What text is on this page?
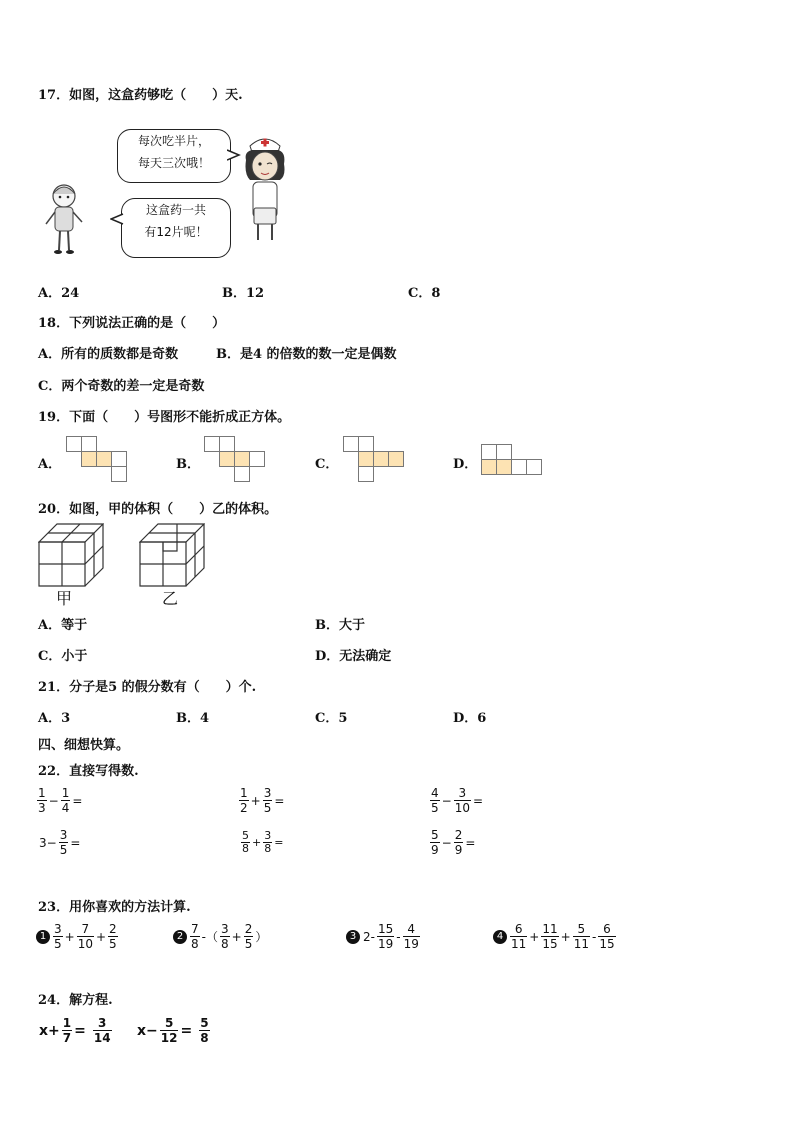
17．如图，这盒药够吃（　　）天.
每次吃半片，
每天三次哦！
这盒药一共
有12片呢！
A．24	B．12	C．8
18．下列说法正确的是（　　）
A．所有的质数都是奇数	B．是4 的倍数的数一定是偶数
C．两个奇数的差一定是奇数
19．下面（　　）号图形不能折成正方体。
A．	B．	C．	D．
20．如图，甲的体积（　　）乙的体积。
甲	乙
A．等于	B．大于
C．小于	D．无法确定
21．分子是5 的假分数有（　　）个.
A．3	B．4	C．5	D．6
四、细想快算。
22．直接写得数.
$\frac{1}{3} - \frac{1}{4}$ =	$\frac{1}{2} + \frac{3}{5}$ =	$\frac{4}{5} - \frac{3}{10}$ =
$3- \frac{3}{5}$ =	$\frac{5}{8} + \frac{3}{8}$ =	$\frac{5}{9} - \frac{2}{9}$ =
23．用你喜欢的方法计算.
$1 \frac{3}{5} + \frac{7}{10} + \frac{2}{5}$	$2 \frac{7}{8}$ -（ $\frac{3}{8} + \frac{2}{5}$ ）	3 $2- \frac{15}{19} - \frac{4}{19}$	$4 \frac{6}{11} + \frac{11}{15} + \frac{5}{11} - \frac{6}{15}$
24．解方程.
$x+ \frac{1}{7} = \frac{3}{14} x- \frac{5}{12} = \frac{5}{8}$
